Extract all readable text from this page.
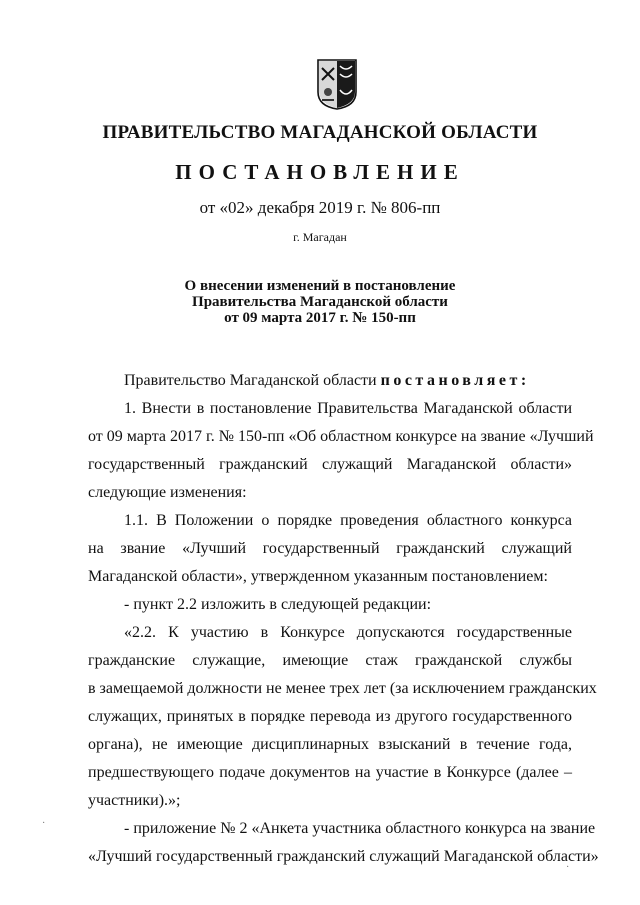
ПРАВИТЕЛЬСТВО МАГАДАНСКОЙ ОБЛАСТИ
ПОСТАНОВЛЕНИЕ
от «02» декабря 2019 г. № 806-пп
г. Магадан
О внесении изменений в постановление
Правительства Магаданской области
от 09 марта 2017 г. № 150-пп
Правительство Магаданской области постановляет:
1. Внести в постановление Правительства Магаданской области
от 09 марта 2017 г. № 150-пп «Об областном конкурсе на звание «Лучший
государственный гражданский служащий Магаданской области»
следующие изменения:
1.1. В Положении о порядке проведения областного конкурса
на звание «Лучший государственный гражданский служащий
Магаданской области», утвержденном указанным постановлением:
- пункт 2.2 изложить в следующей редакции:
«2.2. К участию в Конкурсе допускаются государственные
гражданские служащие, имеющие стаж гражданской службы
в замещаемой должности не менее трех лет (за исключением гражданских
служащих, принятых в порядке перевода из другого государственного
органа), не имеющие дисциплинарных взысканий в течение года,
предшествующего подаче документов на участие в Конкурсе (далее –
участники).»;
- приложение № 2 «Анкета участника областного конкурса на звание
«Лучший государственный гражданский служащий Магаданской области»
·
·
